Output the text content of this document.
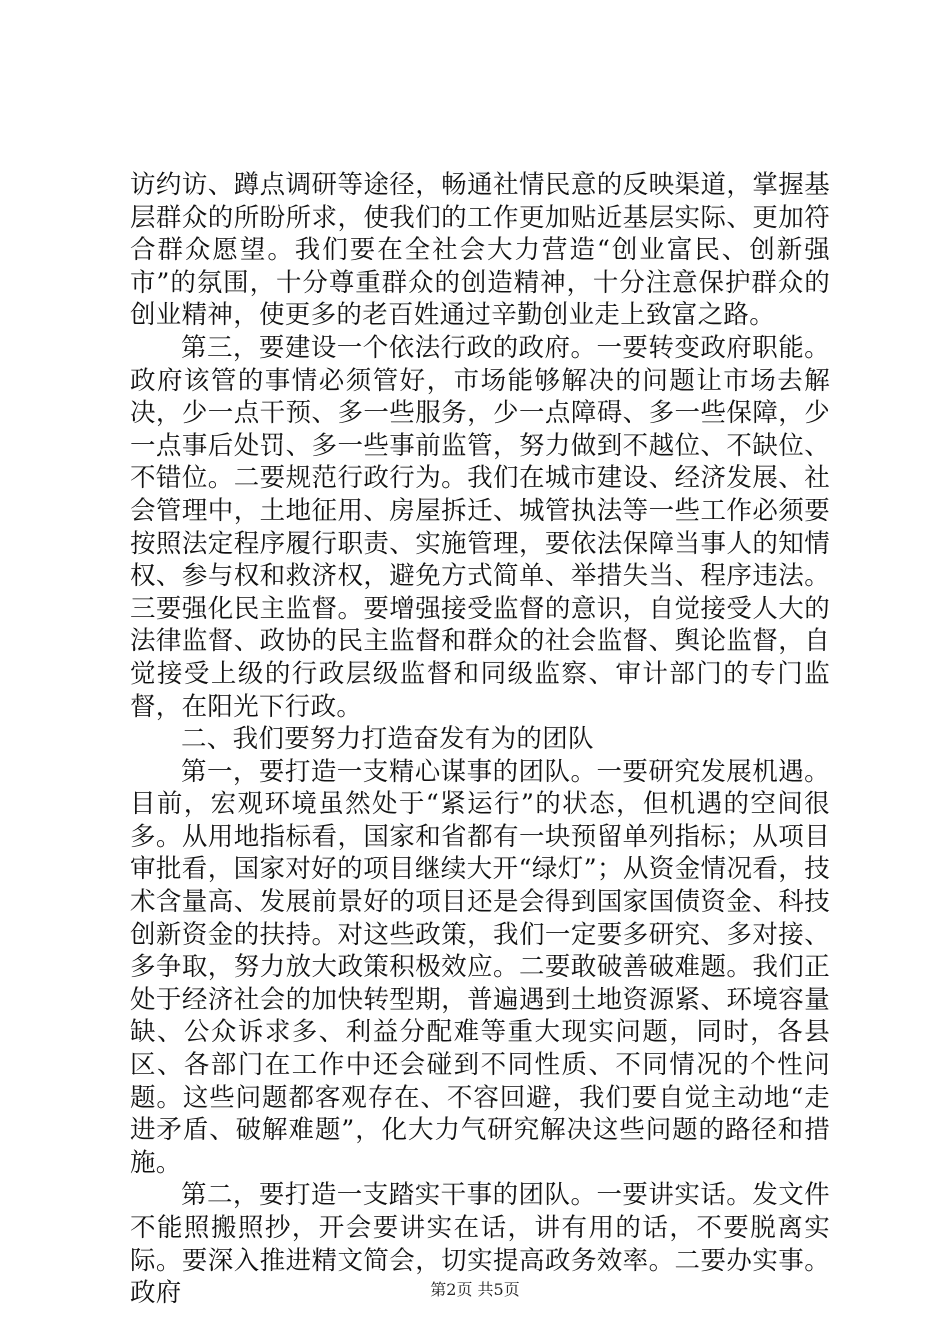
访约访、蹲点调研等途径，畅通社情民意的反映渠道，掌握基层群众的所盼所求，使我们的工作更加贴近基层实际、更加符合群众愿望。我们要在全社会大力营造“创业富民、创新强市”的氛围，十分尊重群众的创造精神，十分注意保护群众的创业精神，使更多的老百姓通过辛勤创业走上致富之路。

第三，要建设一个依法行政的政府。一要转变政府职能。政府该管的事情必须管好，市场能够解决的问题让市场去解决，少一点干预、多一些服务，少一点障碍、多一些保障，少一点事后处罚、多一些事前监管，努力做到不越位、不缺位、不错位。二要规范行政行为。我们在城市建设、经济发展、社会管理中，土地征用、房屋拆迁、城管执法等一些工作必须要按照法定程序履行职责、实施管理，要依法保障当事人的知情权、参与权和救济权，避免方式简单、举措失当、程序违法。三要强化民主监督。要增强接受监督的意识，自觉接受人大的法律监督、政协的民主监督和群众的社会监督、舆论监督，自觉接受上级的行政层级监督和同级监察、审计部门的专门监督，在阳光下行政。

二、我们要努力打造奋发有为的团队

第一，要打造一支精心谋事的团队。一要研究发展机遇。目前，宏观环境虽然处于“紧运行”的状态，但机遇的空间很多。从用地指标看，国家和省都有一块预留单列指标；从项目审批看，国家对好的项目继续大开“绿灯”；从资金情况看，技术含量高、发展前景好的项目还是会得到国家国债资金、科技创新资金的扶持。对这些政策，我们一定要多研究、多对接、多争取，努力放大政策积极效应。二要敢破善破难题。我们正处于经济社会的加快转型期，普遍遇到土地资源紧、环境容量缺、公众诉求多、利益分配难等重大现实问题，同时，各县区、各部门在工作中还会碰到不同性质、不同情况的个性问题。这些问题都客观存在、不容回避，我们要自觉主动地“走进矛盾、破解难题”，化大力气研究解决这些问题的路径和措施。

第二，要打造一支踏实干事的团队。一要讲实话。发文件不能照搬照抄，开会要讲实在话，讲有用的话，不要脱离实际。要深入推进精文简会，切实提高政务效率。二要办实事。政府	第2页 共5页
